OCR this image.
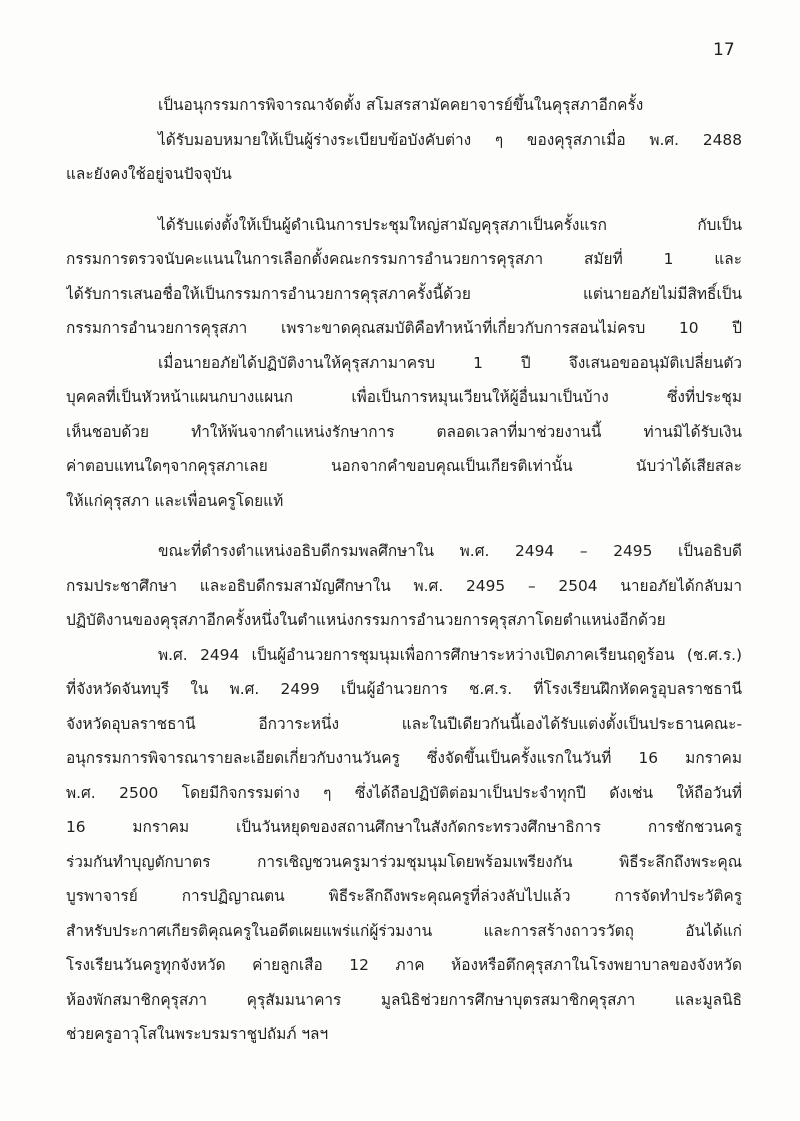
17
เป็นอนุกรรมการพิจารณาจัดตั้ง สโมสรสามัคคยาจารย์ขึ้นในคุรุสภาอีกครั้ง
ได้รับมอบหมายให้เป็นผู้ร่างระเบียบข้อบังคับต่าง ๆ ของคุรุสภาเมื่อ พ.ศ. 2488
และยังคงใช้อยู่จนปัจจุบัน
ได้รับแต่งตั้งให้เป็นผู้ดำเนินการประชุมใหญ่สามัญคุรุสภาเป็นครั้งแรก กับเป็น
กรรมการตรวจนับคะแนนในการเลือกตั้งคณะกรรมการอำนวยการคุรุสภา สมัยที่ 1 และ
ได้รับการเสนอชื่อให้เป็นกรรมการอำนวยการคุรุสภาครั้งนี้ด้วย แต่นายอภัยไม่มีสิทธิ์เป็น
กรรมการอำนวยการคุรุสภา เพราะขาดคุณสมบัติคือทำหน้าที่เกี่ยวกับการสอนไม่ครบ 10 ปี
เมื่อนายอภัยได้ปฏิบัติงานให้คุรุสภามาครบ 1 ปี จึงเสนอขออนุมัติเปลี่ยนตัว
บุคคลที่เป็นหัวหน้าแผนกบางแผนก เพื่อเป็นการหมุนเวียนให้ผู้อื่นมาเป็นบ้าง ซึ่งที่ประชุม
เห็นชอบด้วย ทำให้พ้นจากตำแหน่งรักษาการ ตลอดเวลาที่มาช่วยงานนี้ ท่านมิได้รับเงิน
ค่าตอบแทนใดๆจากคุรุสภาเลย นอกจากคำขอบคุณเป็นเกียรติเท่านั้น นับว่าได้เสียสละ
ให้แก่คุรุสภา และเพื่อนครูโดยแท้
ขณะที่ดำรงตำแหน่งอธิบดีกรมพลศึกษาใน พ.ศ. 2494 – 2495 เป็นอธิบดี
กรมประชาศึกษา และอธิบดีกรมสามัญศึกษาใน พ.ศ. 2495 – 2504 นายอภัยได้กลับมา
ปฏิบัติงานของคุรุสภาอีกครั้งหนึ่งในตำแหน่งกรรมการอำนวยการคุรุสภาโดยตำแหน่งอีกด้วย
พ.ศ. 2494 เป็นผู้อำนวยการชุมนุมเพื่อการศึกษาระหว่างเปิดภาคเรียนฤดูร้อน (ช.ศ.ร.)
ที่จังหวัดจันทบุรี ใน พ.ศ. 2499 เป็นผู้อำนวยการ ช.ศ.ร. ที่โรงเรียนฝึกหัดครูอุบลราชธานี
จังหวัดอุบลราชธานี อีกวาระหนึ่ง และในปีเดียวกันนี้เองได้รับแต่งตั้งเป็นประธานคณะ-
อนุกรรมการพิจารณารายละเอียดเกี่ยวกับงานวันครู ซึ่งจัดขึ้นเป็นครั้งแรกในวันที่ 16 มกราคม
พ.ศ. 2500 โดยมีกิจกรรมต่าง ๆ ซึ่งได้ถือปฏิบัติต่อมาเป็นประจำทุกปี ดังเช่น ให้ถือวันที่
16 มกราคม เป็นวันหยุดของสถานศึกษาในสังกัดกระทรวงศึกษาธิการ การชักชวนครู
ร่วมกันทำบุญตักบาตร การเชิญชวนครูมาร่วมชุมนุมโดยพร้อมเพรียงกัน พิธีระลึกถึงพระคุณ
บูรพาจารย์ การปฏิญาณตน พิธีระลึกถึงพระคุณครูที่ล่วงลับไปแล้ว การจัดทำประวัติครู
สำหรับประกาศเกียรติคุณครูในอดีตเผยแพร่แก่ผู้ร่วมงาน และการสร้างถาวรวัตถุ อันได้แก่
โรงเรียนวันครูทุกจังหวัด ค่ายลูกเสือ 12 ภาค ห้องหรือตึกคุรุสภาในโรงพยาบาลของจังหวัด
ห้องพักสมาชิกคุรุสภา คุรุสัมมนาคาร มูลนิธิช่วยการศึกษาบุตรสมาชิกคุรุสภา และมูลนิธิ
ช่วยครูอาวุโสในพระบรมราชูปถัมภ์ ฯลฯ
